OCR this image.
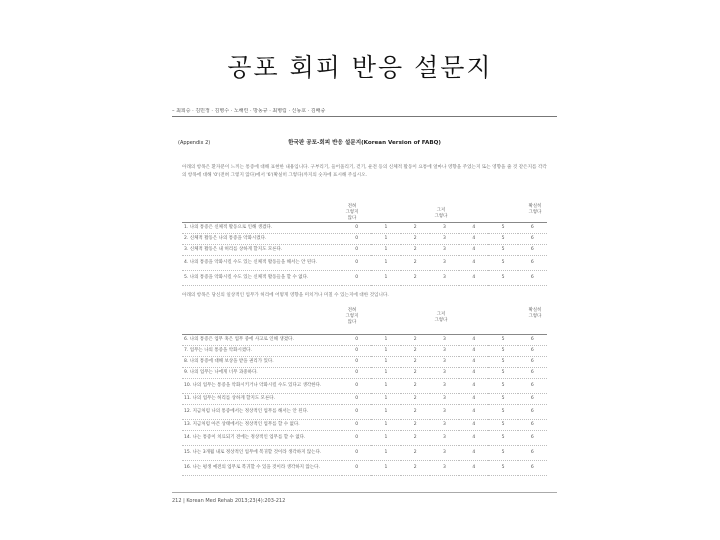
공포 회피 반응 설문지
– 최희승 · 김민정 · 김병수 · 노해린 · 방동규 · 최병림 · 신동호 · 김배중
(Appendix 2)	한국판 공포-회피 반응 설문지(Korean Version of FABQ)
아래의 항목은 환자분이 느끼는 통증에 대해 표현한 내용입니다. 구부리기, 들어올리기, 걷기, 운전 등의 신체적 활동이 요통에 얼마나 영향을 주었는지 또는 영향을 줄 것 같은지를 각각의 항목에 대해 '0'(전혀 그렇지 않다)에서 '6'(확실히 그렇다)까지의 숫자에 표시해 주십시오.
전혀
그렇지
않다
그저
그렇다
확실히
그렇다
1. 나의 통증은 신체적 활동으로 인해 생겼다.	0	1	2	3	4	5	6
2. 신체적 활동은 나의 통증을 악화시켰다.	0	1	2	3	4	5	6
3. 신체적 활동은 내 허리를 상하게 할지도 모른다.	0	1	2	3	4	5	6
4. 나의 통증을 악화시킬 수도 있는 신체적 활동들을 해서는 안 된다.	0	1	2	3	4	5	6
5. 나의 통증을 악화시킬 수도 있는 신체적 활동들을 할 수 없다.	0	1	2	3	4	5	6
아래의 항목은 당신의 일상적인 업무가 허리에 어떻게 영향을 미치거나 미칠 수 있는지에 대한 것입니다.
전혀
그렇지
않다
그저
그렇다
확실히
그렇다
6. 나의 통증은 업무 혹은 업무 중에 사고로 인해 생겼다.	0	1	2	3	4	5	6
7. 업무는 나의 통증을 악화시켰다.	0	1	2	3	4	5	6
8. 나의 통증에 대해 보상을 받을 권리가 있다.	0	1	2	3	4	5	6
9. 나의 업무는 나에게 너무 과중하다.	0	1	2	3	4	5	6
10. 나의 업무는 통증을 악화시키거나 악화시킬 수도 있다고 생각한다.	0	1	2	3	4	5	6
11. 나의 업무는 허리를 상하게 할지도 모른다.	0	1	2	3	4	5	6
12. 지금처럼 나의 통증에서는 정상적인 업무를 해서는 안 된다.	0	1	2	3	4	5	6
13. 지금처럼 아픈 상태에서는 정상적인 업무를 할 수 없다.	0	1	2	3	4	5	6
14. 나는 통증이 치료되기 전에는 정상적인 업무를 할 수 없다.	0	1	2	3	4	5	6
15. 나는 3개월 내로 정상적인 업무에 복귀할 것이라 생각하지 않는다.	0	1	2	3	4	5	6
16. 나는 평생 예전의 업무로 복귀할 수 있을 것이라 생각하지 않는다.	0	1	2	3	4	5	6
212 | Korean Med Rehab 2013;23(4):203-212
